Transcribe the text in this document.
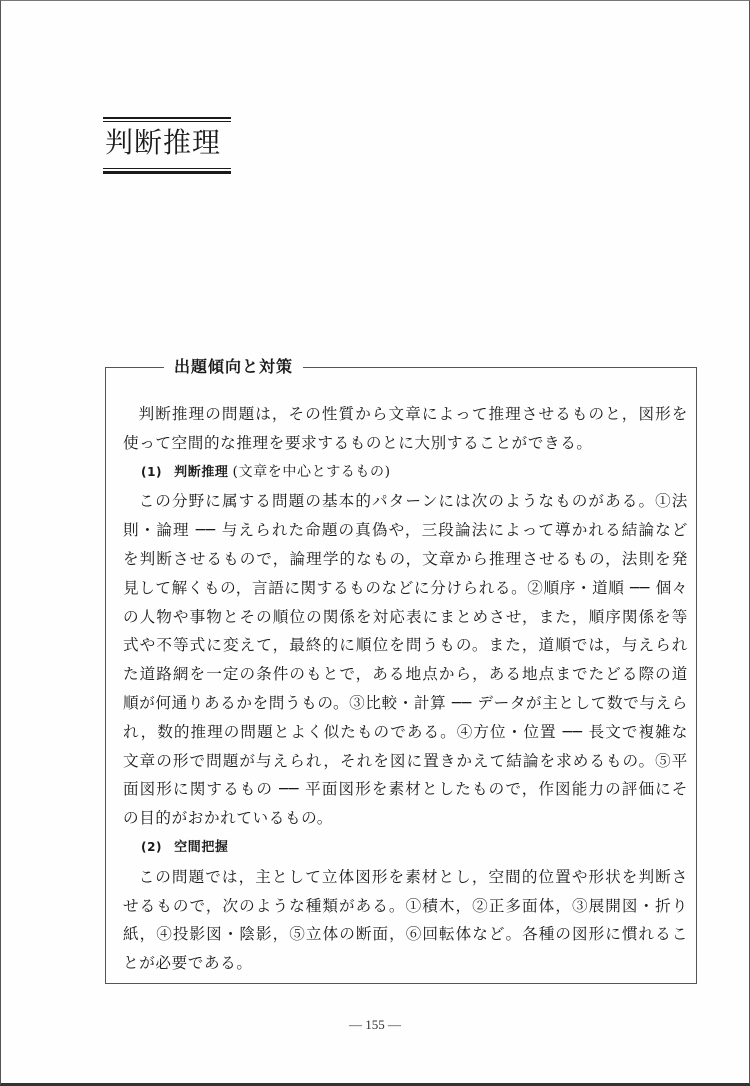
判断推理
出題傾向と対策

判断推理の問題は，その性質から文章によって推理させるものと，図形を使って空間的な推理を要求するものとに大別することができる。

(1) 判断推理 (文章を中心とするもの)

この分野に属する問題の基本的パターンには次のようなものがある。①法則・論理 ── 与えられた命題の真偽や，三段論法によって導かれる結論などを判断させるもので，論理学的なもの，文章から推理させるもの，法則を発見して解くもの，言語に関するものなどに分けられる。②順序・道順 ── 個々の人物や事物とその順位の関係を対応表にまとめさせ，また，順序関係を等式や不等式に変えて，最終的に順位を問うもの。また，道順では，与えられた道路網を一定の条件のもとで，ある地点から，ある地点までたどる際の道順が何通りあるかを問うもの。③比較・計算 ── データが主として数で与えられ，数的推理の問題とよく似たものである。④方位・位置 ── 長文で複雑な文章の形で問題が与えられ，それを図に置きかえて結論を求めるもの。⑤平面図形に関するもの ── 平面図形を素材としたもので，作図能力の評価にその目的がおかれているもの。

(2) 空間把握

この問題では，主として立体図形を素材とし，空間的位置や形状を判断させるもので，次のような種類がある。①積木，②正多面体，③展開図・折り紙，④投影図・陰影，⑤立体の断面，⑥回転体など。各種の図形に慣れることが必要である。

— 155 —
